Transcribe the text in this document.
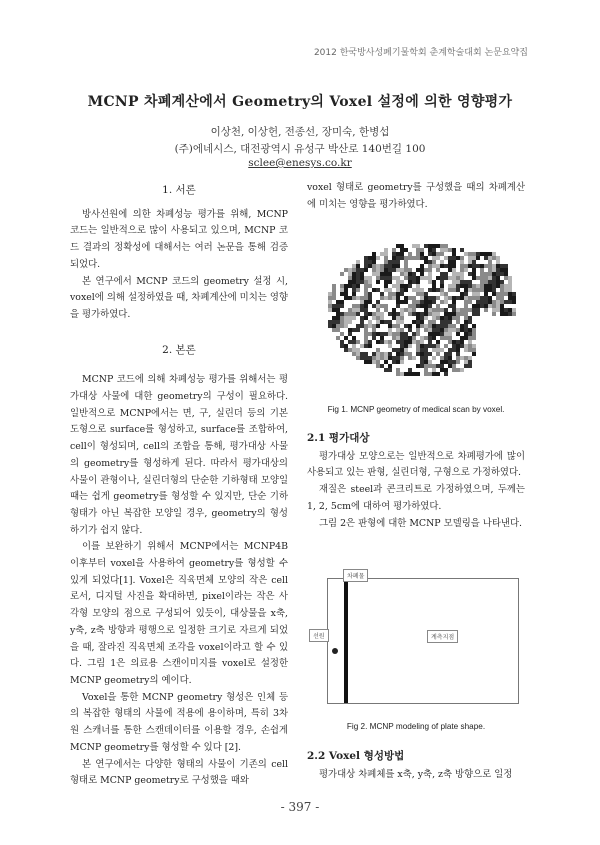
2012 한국방사성폐기물학회 춘계학술대회 논문요약집
MCNP 차폐계산에서 Geometry의 Voxel 설정에 의한 영향평가
이상천, 이상헌, 전종선, 장미숙, 한병섭
(주)에네시스, 대전광역시 유성구 박산로 140번길 100
sclee@enesys.co.kr
1. 서론

방사선원에 의한 차폐성능 평가를 위해, MCNP 코드는 일반적으로 많이 사용되고 있으며, MCNP 코드 결과의 정확성에 대해서는 여러 논문을 통해 검증되었다.

본 연구에서 MCNP 코드의 geometry 설정 시, voxel에 의해 설정하였을 때, 차폐계산에 미치는 영향을 평가하였다.

2. 본론

MCNP 코드에 의해 차폐성능 평가를 위해서는 평가대상 사물에 대한 geometry의 구성이 필요하다. 일반적으로 MCNP에서는 면, 구, 실린더 등의 기본 도형으로 surface를 형성하고, surface를 조합하여, cell이 형성되며, cell의 조합을 통해, 평가대상 사물의 geometry를 형성하게 된다. 따라서 평가대상의 사물이 관형이나, 실린더형의 단순한 기하형태 모양일 때는 쉽게 geometry를 형성할 수 있지만, 단순 기하형태가 아닌 복잡한 모양일 경우, geometry의 형성하기가 쉽지 않다.

이를 보완하기 위해서 MCNP에서는 MCNP4B 이후부터 voxel을 사용하여 geometry를 형성할 수 있게 되었다[1]. Voxel은 직육면체 모양의 작은 cell로서, 디지털 사진을 확대하면, pixel이라는 작은 사각형 모양의 점으로 구성되어 있듯이, 대상물을 x축, y축, z축 방향과 평행으로 일정한 크기로 자르게 되었을 때, 잘라진 직육면체 조각을 voxel이라고 할 수 있다. 그림 1은 의료용 스캔이미지를 voxel로 설정한 MCNP geometry의 예이다.

Voxel을 통한 MCNP geometry 형성은 인체 등의 복잡한 형태의 사물에 적용에 용이하며, 특히 3차원 스캐너를 통한 스캔데이터를 이용할 경우, 손쉽게 MCNP geometry를 형성할 수 있다 [2].

본 연구에서는 다양한 형태의 사물이 기존의 cell 형태로 MCNP geometry로 구성했을 때와

voxel 형태로 geometry를 구성했을 때의 차폐계산에 미치는 영향을 평가하였다.

Fig 1. MCNP geometry of medical scan by voxel.
2.1 평가대상

평가대상 모양으로는 일반적으로 차폐평가에 많이 사용되고 있는 판형, 실린더형, 구형으로 가정하였다.

재질은 steel과 콘크리트로 가정하였으며, 두께는 1, 2, 5cm에 대하여 평가하였다.

그림 2은 판형에 대한 MCNP 모델링을 나타낸다.

차폐물
선원	계측지점
Fig 2. MCNP modeling of plate shape.
2.2 Voxel 형성방법

평가대상 차폐체를 x축, y축, z축 방향으로 일정

- 397 -
